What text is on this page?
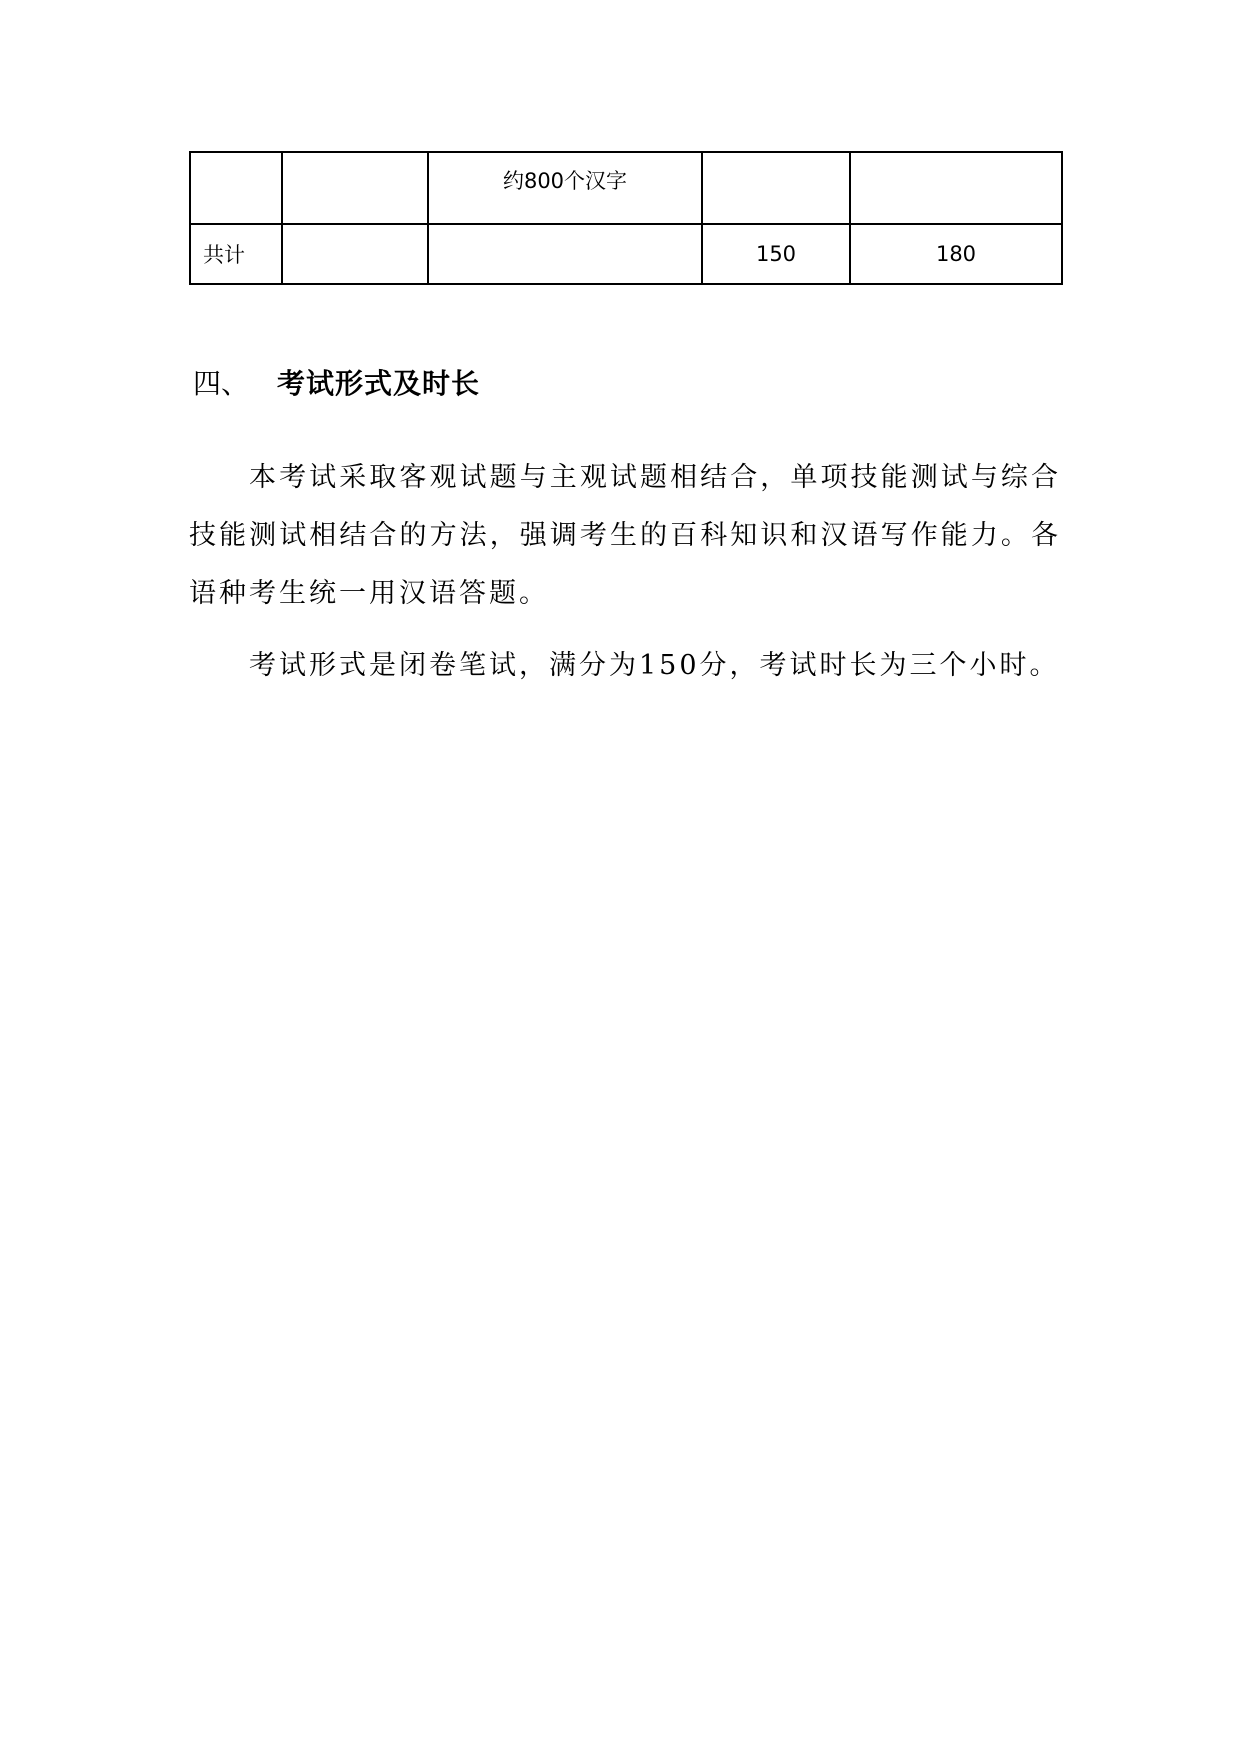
		约800个汉字		

共计			150	180
四、 考试形式及时长

本考试采取客观试题与主观试题相结合，单项技能测试与综合技能测试相结合的方法，强调考生的百科知识和汉语写作能力。各语种考生统一用汉语答题。

考试形式是闭卷笔试，满分为150分，考试时长为三个小时。
